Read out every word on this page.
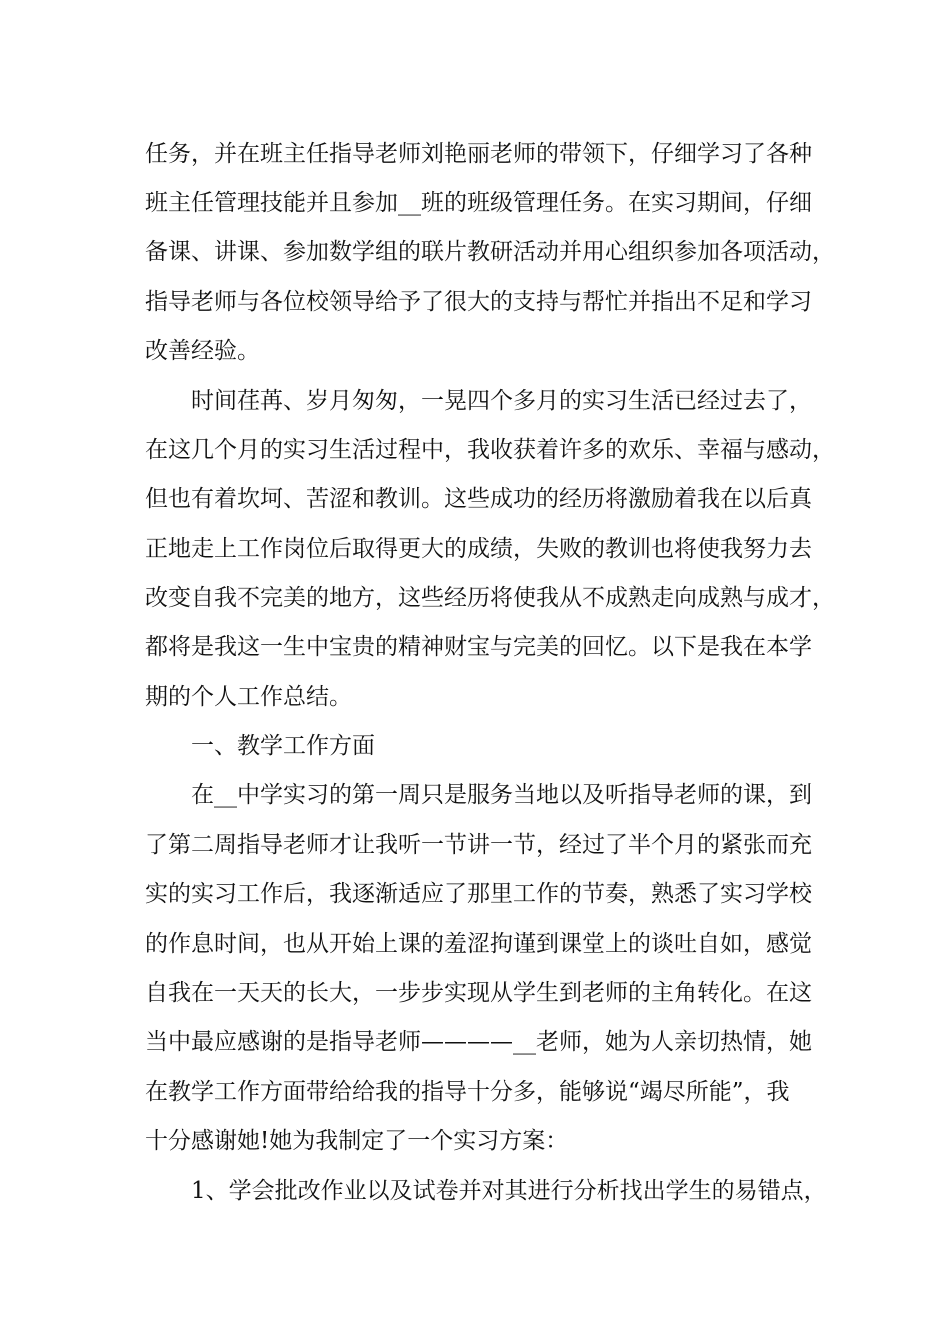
任务，并在班主任指导老师刘艳丽老师的带领下，仔细学习了各种

班主任管理技能并且参加__班的班级管理任务。在实习期间，仔细

备课、讲课、参加数学组的联片教研活动并用心组织参加各项活动，

指导老师与各位校领导给予了很大的支持与帮忙并指出不足和学习

改善经验。

　　时间荏苒、岁月匆匆，一晃四个多月的实习生活已经过去了，

在这几个月的实习生活过程中，我收获着许多的欢乐、幸福与感动，

但也有着坎坷、苦涩和教训。这些成功的经历将激励着我在以后真

正地走上工作岗位后取得更大的成绩，失败的教训也将使我努力去

改变自我不完美的地方，这些经历将使我从不成熟走向成熟与成才，

都将是我这一生中宝贵的精神财宝与完美的回忆。以下是我在本学

期的个人工作总结。

　　一、教学工作方面

　　在__中学实习的第一周只是服务当地以及听指导老师的课，到

了第二周指导老师才让我听一节讲一节，经过了半个月的紧张而充

实的实习工作后，我逐渐适应了那里工作的节奏，熟悉了实习学校

的作息时间，也从开始上课的羞涩拘谨到课堂上的谈吐自如，感觉

自我在一天天的长大，一步步实现从学生到老师的主角转化。在这

当中最应感谢的是指导老师————__老师，她为人亲切热情，她

在教学工作方面带给给我的指导十分多，能够说“竭尽所能”，我

十分感谢她!她为我制定了一个实习方案：

　　1、学会批改作业以及试卷并对其进行分析找出学生的易错点，
